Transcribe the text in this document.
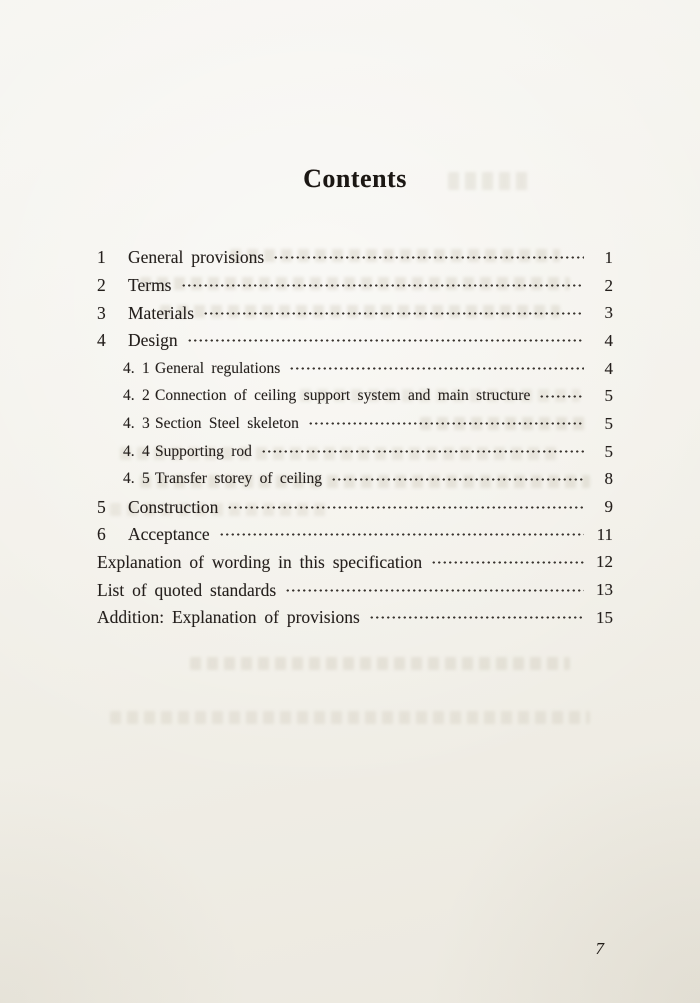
Contents
1	General provisions	1
2	Terms	2
3	Materials	3
4	Design	4
4. 1 General regulations	4
4. 2 Connection of ceiling support system and main structure	5
4. 3 Section Steel skeleton	5
4. 4 Supporting rod	5
4. 5 Transfer storey of ceiling	8
5	Construction	9
6	Acceptance	11
Explanation of wording in this specification	12
List of quoted standards	13
Addition: Explanation of provisions	15
7
